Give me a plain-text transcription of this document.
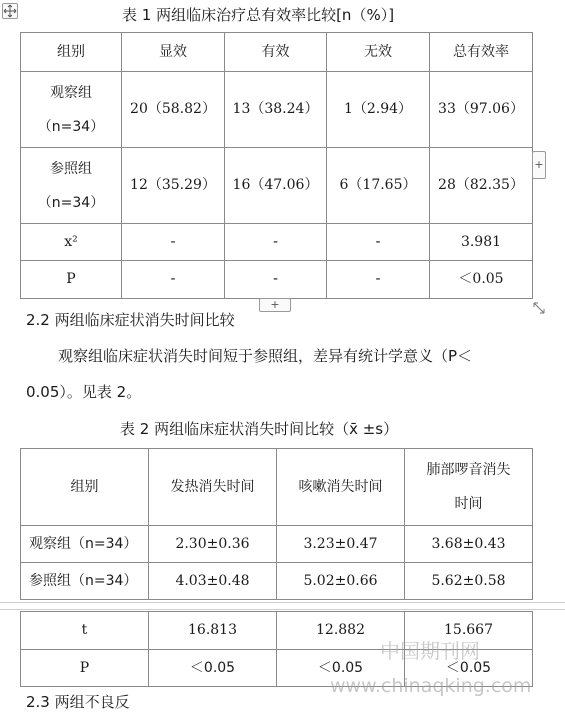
表 1 两组临床治疗总有效率比较[n（%）]
组别	显效	有效	无效	总有效率

观察组
（n=34）	20（58.82）	13（38.24）	1（2.94）	33（97.06）

参照组
（n=34）	12（35.29）	16（47.06）	6（17.65）	28（82.35）
x²	-	-	-	3.981
P	-	-	-	＜0.05
+
+
2.2 两组临床症状消失时间比较
观察组临床症状消失时间短于参照组，差异有统计学意义（P＜
0.05）。见表 2。
表 2 两组临床症状消失时间比较（x̄ ±s）
组别	发热消失时间	咳嗽消失时间	肺部啰音消失
时间

观察组（n=34）	2.30±0.36	3.23±0.47	3.68±0.43
参照组（n=34）	4.03±0.48	5.02±0.66	5.62±0.58
t	16.813	12.882	15.667
P	＜0.05	＜0.05	＜0.05
2.3 两组不良反
中国期刊网
www.chinaqking.com
